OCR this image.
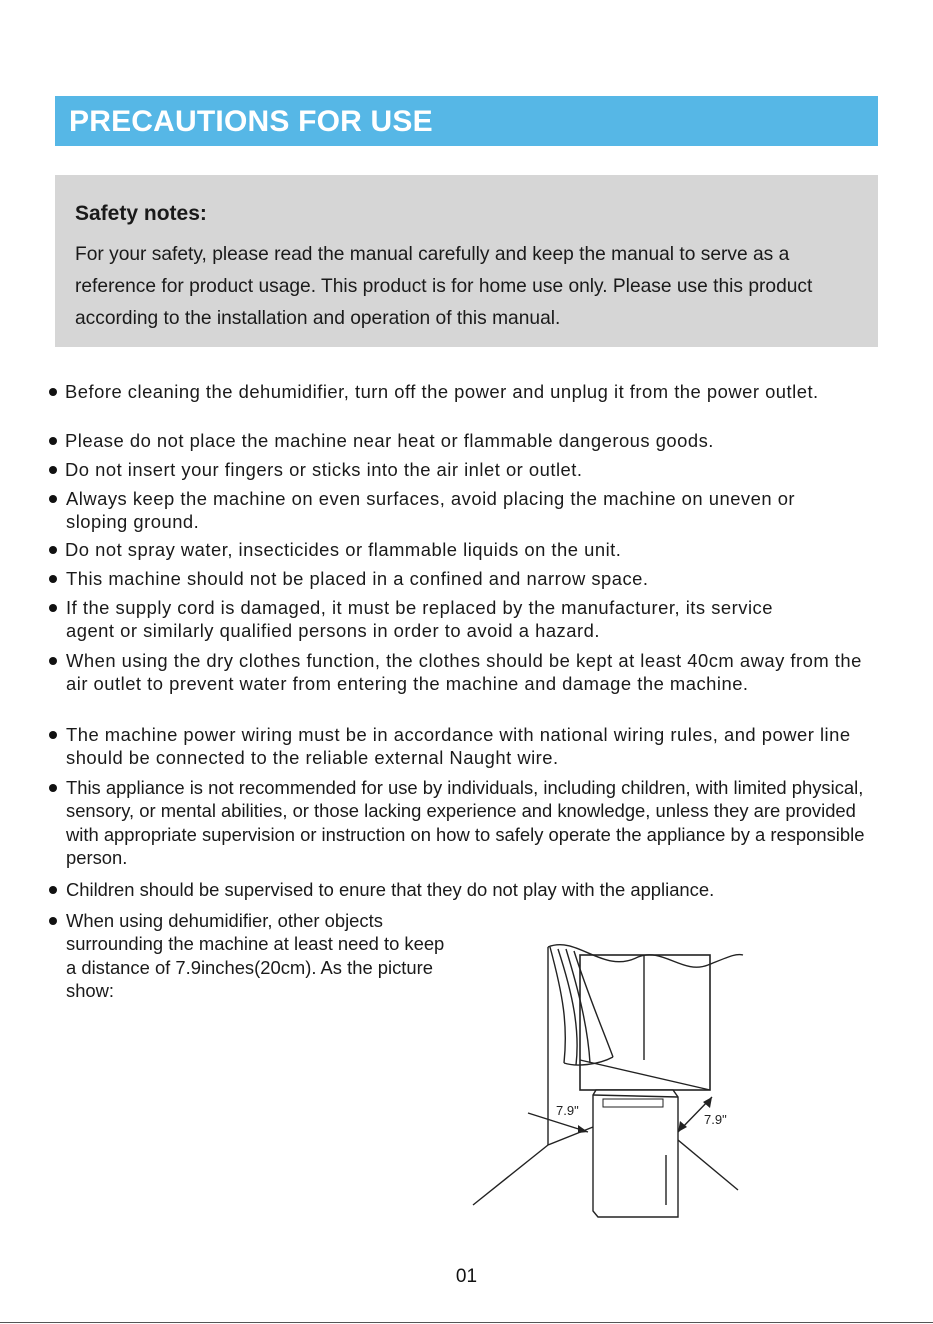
PRECAUTIONS FOR USE
Safety notes:
For your safety, please read the manual carefully and keep the manual to serve as a reference for product usage. This product is for home use only. Please use this product according to the installation and operation of this manual.
Before cleaning the dehumidifier, turn off the power and unplug it from the power outlet.
Please do not place the machine near heat or flammable dangerous goods.
Do not insert your fingers or sticks into the air inlet or outlet.
Always keep the machine on even surfaces, avoid placing the machine on uneven or sloping ground.
Do not spray water, insecticides or flammable liquids on the unit.
This machine should not be placed in a confined and narrow space.
If the supply cord is damaged, it must be replaced by the manufacturer, its service agent or similarly qualified persons in order to avoid a hazard.
When using the dry clothes function, the clothes should be kept at least 40cm away from the air outlet to prevent water from entering the machine and damage the machine.
The machine power wiring must be in accordance with national wiring rules, and power line should be connected to the reliable external Naught wire.
This appliance is not recommended for use by individuals, including children, with limited physical, sensory, or mental abilities, or those lacking experience and knowledge, unless they are provided with appropriate supervision or instruction on how to safely operate the appliance by a responsible person.
Children should be supervised to enure that they do not play with the appliance.
When using dehumidifier, other objects surrounding the machine at least need to keep a distance of 7.9inches(20cm). As the picture show:
7.9"
7.9"
01
